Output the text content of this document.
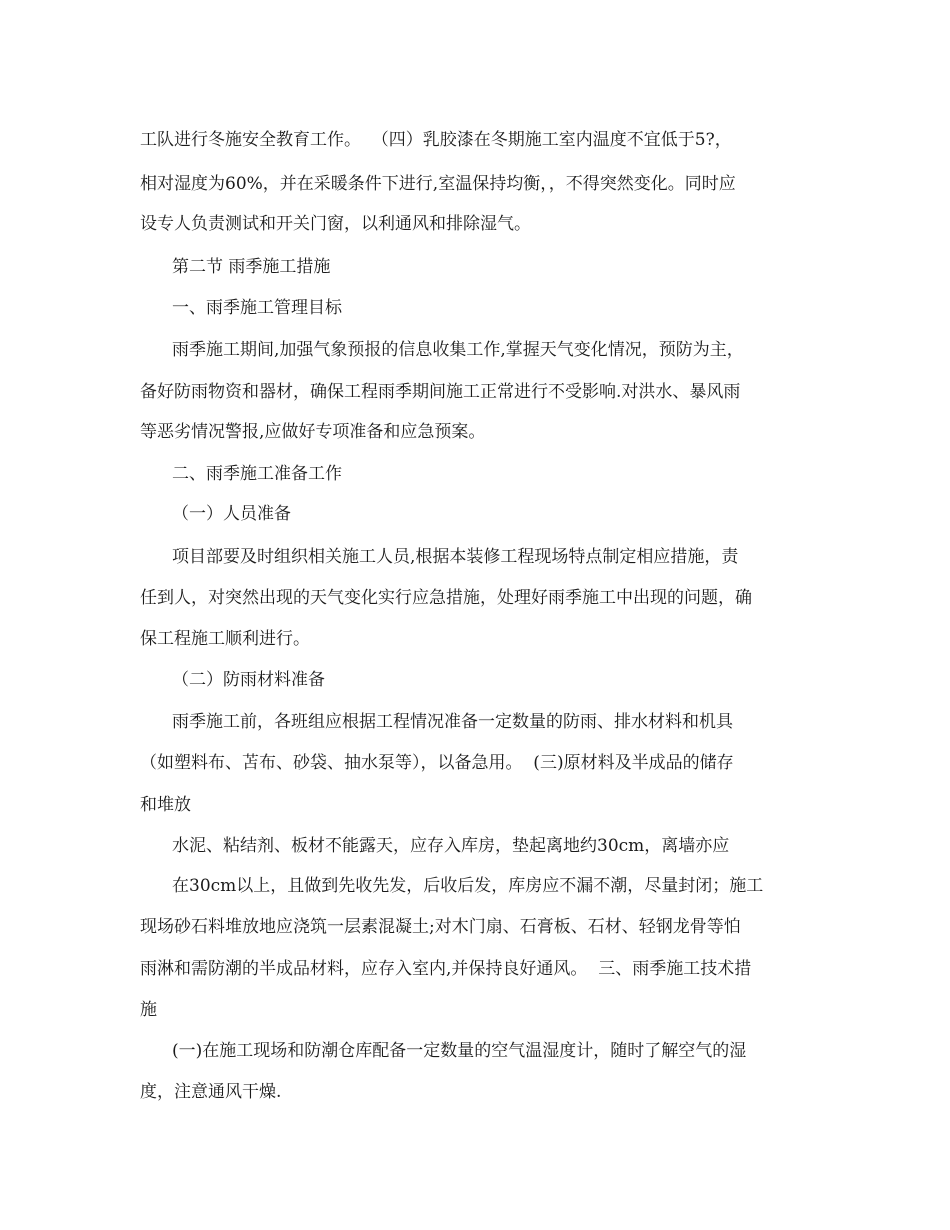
工队进行冬施安全教育工作。  （四）乳胶漆在冬期施工室内温度不宜低于5?，
相对湿度为60%，并在采暖条件下进行,室温保持均衡，，不得突然变化。同时应
设专人负责测试和开关门窗，以利通风和排除湿气。
第二节 雨季施工措施
一、雨季施工管理目标
雨季施工期间,加强气象预报的信息收集工作,掌握天气变化情况，预防为主，
备好防雨物资和器材，确保工程雨季期间施工正常进行不受影响.对洪水、暴风雨
等恶劣情况警报,应做好专项准备和应急预案。
二、雨季施工准备工作
（一）人员准备
项目部要及时组织相关施工人员,根据本装修工程现场特点制定相应措施，责
任到人，对突然出现的天气变化实行应急措施，处理好雨季施工中出现的问题，确
保工程施工顺利进行。
（二）防雨材料准备
雨季施工前，各班组应根据工程情况准备一定数量的防雨、排水材料和机具
（如塑料布、苫布、砂袋、抽水泵等），以备急用。  (三)原材料及半成品的储存
和堆放
水泥、粘结剂、板材不能露天，应存入库房，垫起离地约30cm，离墙亦应
在30cm以上，且做到先收先发，后收后发，库房应不漏不潮，尽量封闭；施工
现场砂石料堆放地应浇筑一层素混凝土;对木门扇、石膏板、石材、轻钢龙骨等怕
雨淋和需防潮的半成品材料，应存入室内,并保持良好通风。  三、雨季施工技术措
施
(一)在施工现场和防潮仓库配备一定数量的空气温湿度计，随时了解空气的湿
度，注意通风干燥.
